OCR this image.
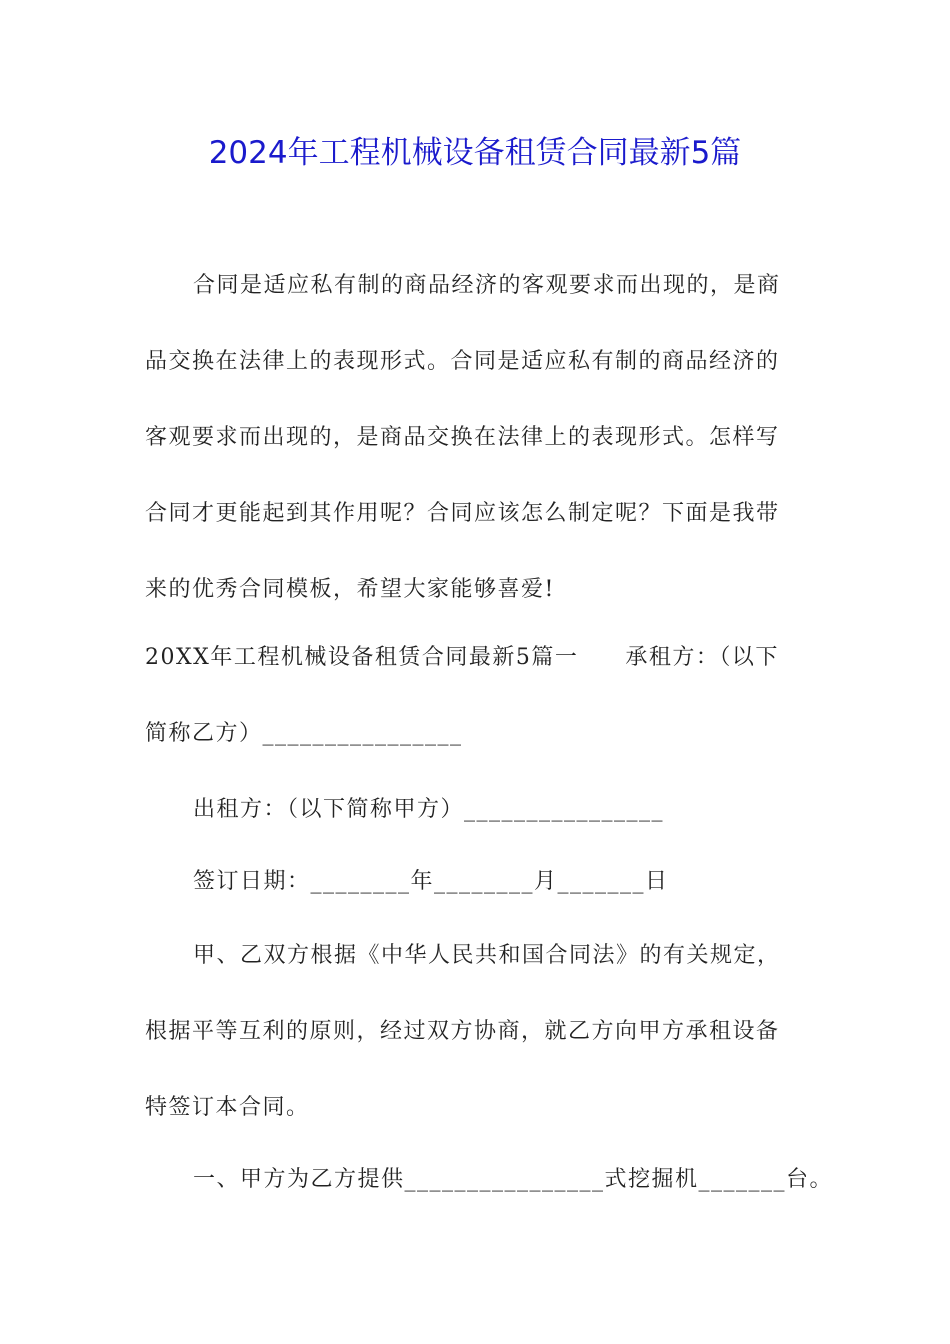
2024年工程机械设备租赁合同最新5篇
合同是适应私有制的商品经济的客观要求而出现的，是商
品交换在法律上的表现形式。合同是适应私有制的商品经济的
客观要求而出现的，是商品交换在法律上的表现形式。怎样写
合同才更能起到其作用呢？合同应该怎么制定呢？下面是我带
来的优秀合同模板，希望大家能够喜爱!
20XX年工程机械设备租赁合同最新5篇一　　承租方：（以下
简称乙方）________________
出租方：（以下简称甲方）________________
签订日期：________年________月_______日
甲、乙双方根据《中华人民共和国合同法》的有关规定，
根据平等互利的原则，经过双方协商，就乙方向甲方承租设备
特签订本合同。
一、甲方为乙方提供________________式挖掘机_______台。
